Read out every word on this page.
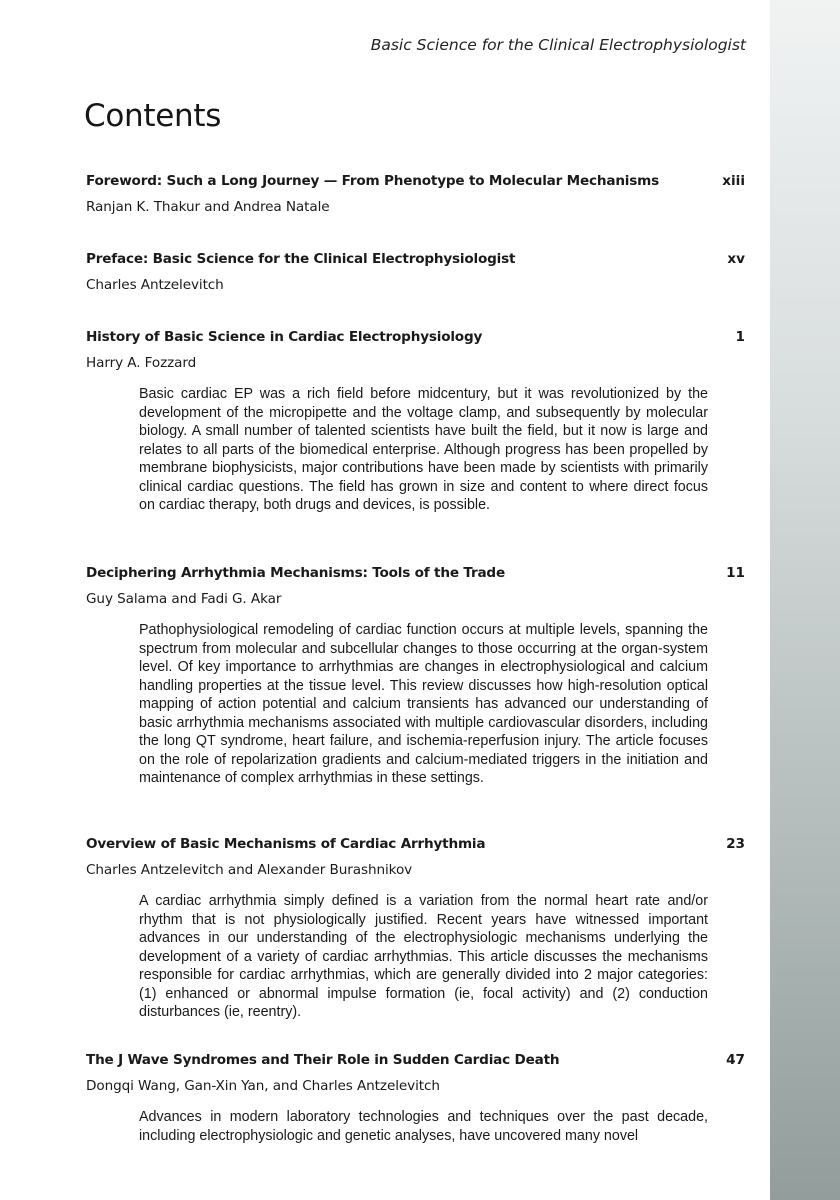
Basic Science for the Clinical Electrophysiologist
Contents
Foreword: Such a Long Journey — From Phenotype to Molecular Mechanisms	xiii
Ranjan K. Thakur and Andrea Natale
Preface: Basic Science for the Clinical Electrophysiologist	xv
Charles Antzelevitch
History of Basic Science in Cardiac Electrophysiology	1
Harry A. Fozzard
Basic cardiac EP was a rich field before midcentury, but it was revolutionized by the development of the micropipette and the voltage clamp, and subsequently by molecular biology. A small number of talented scientists have built the field, but it now is large and relates to all parts of the biomedical enterprise. Although progress has been propelled by membrane biophysicists, major contributions have been made by scientists with primarily clinical cardiac questions. The field has grown in size and content to where direct focus on cardiac therapy, both drugs and devices, is possible.
Deciphering Arrhythmia Mechanisms: Tools of the Trade	11
Guy Salama and Fadi G. Akar
Pathophysiological remodeling of cardiac function occurs at multiple levels, spanning the spectrum from molecular and subcellular changes to those occurring at the organ-system level. Of key importance to arrhythmias are changes in electrophysiological and calcium handling properties at the tissue level. This review discusses how high-resolution optical mapping of action potential and calcium transients has advanced our understanding of basic arrhythmia mechanisms associated with multiple cardiovascular disorders, including the long QT syndrome, heart failure, and ischemia-reperfusion injury. The article focuses on the role of repolarization gradients and calcium-mediated triggers in the initiation and maintenance of complex arrhythmias in these settings.
Overview of Basic Mechanisms of Cardiac Arrhythmia	23
Charles Antzelevitch and Alexander Burashnikov
A cardiac arrhythmia simply defined is a variation from the normal heart rate and/or rhythm that is not physiologically justified. Recent years have witnessed important advances in our understanding of the electrophysiologic mechanisms underlying the development of a variety of cardiac arrhythmias. This article discusses the mechanisms responsible for cardiac arrhythmias, which are generally divided into 2 major categories: (1) enhanced or abnormal impulse formation (ie, focal activity) and (2) conduction disturbances (ie, reentry).
The J Wave Syndromes and Their Role in Sudden Cardiac Death	47
Dongqi Wang, Gan-Xin Yan, and Charles Antzelevitch
Advances in modern laboratory technologies and techniques over the past decade, including electrophysiologic and genetic analyses, have uncovered many novel
